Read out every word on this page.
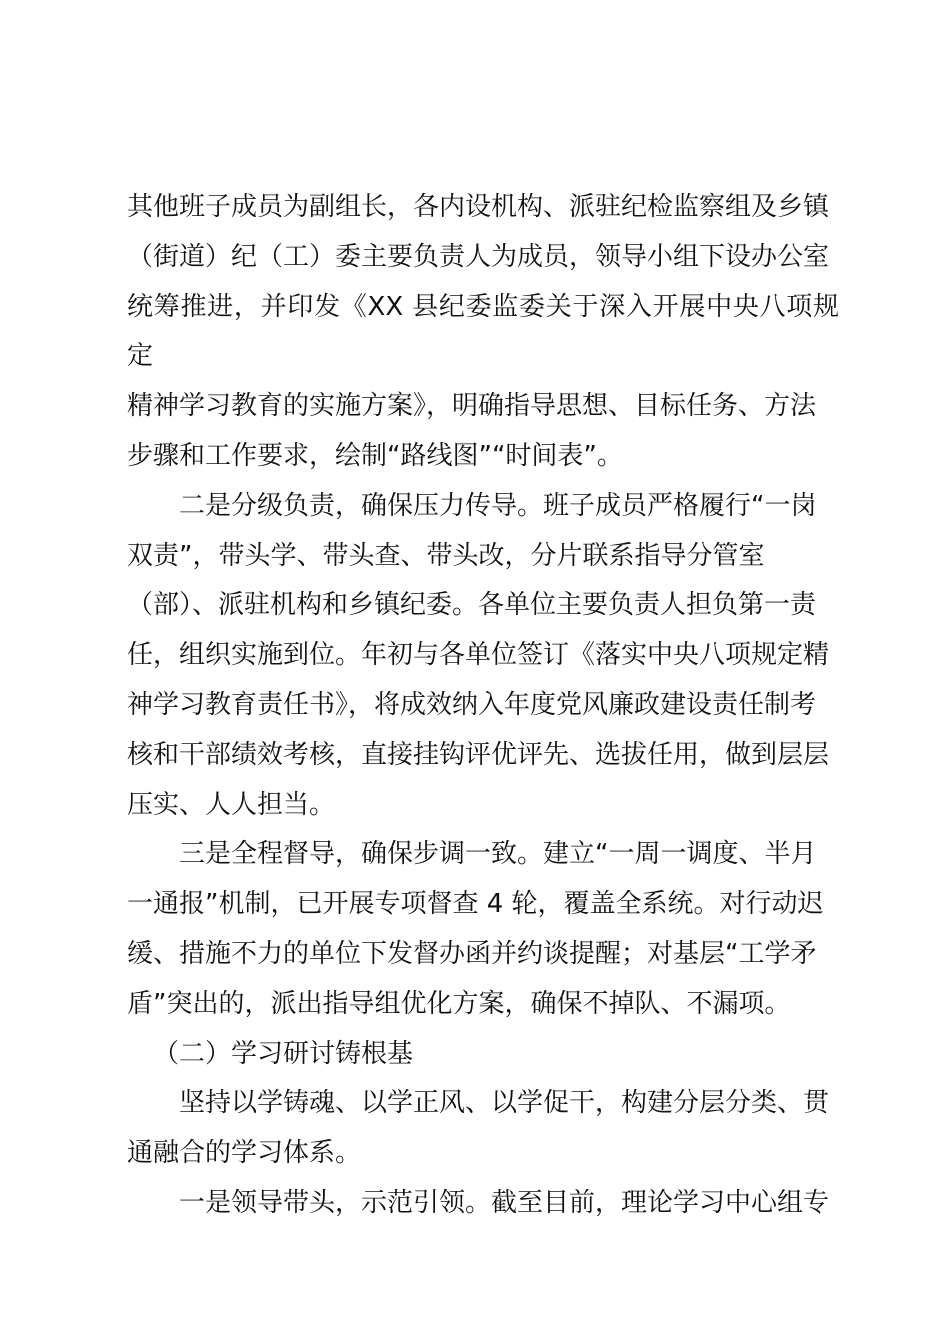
其他班子成员为副组长，各内设机构、派驻纪检监察组及乡镇
（街道）纪（工）委主要负责人为成员，领导小组下设办公室
统筹推进，并印发《XX 县纪委监委关于深入开展中央八项规定
精神学习教育的实施方案》，明确指导思想、目标任务、方法
步骤和工作要求，绘制“路线图”“时间表”。

二是分级负责，确保压力传导。班子成员严格履行“一岗
双责”，带头学、带头查、带头改，分片联系指导分管室
（部）、派驻机构和乡镇纪委。各单位主要负责人担负第一责
任，组织实施到位。年初与各单位签订《落实中央八项规定精
神学习教育责任书》，将成效纳入年度党风廉政建设责任制考
核和干部绩效考核，直接挂钩评优评先、选拔任用，做到层层
压实、人人担当。

三是全程督导，确保步调一致。建立“一周一调度、半月
一通报”机制，已开展专项督查 4 轮，覆盖全系统。对行动迟
缓、措施不力的单位下发督办函并约谈提醒；对基层“工学矛
盾”突出的，派出指导组优化方案，确保不掉队、不漏项。

（二）学习研讨铸根基

坚持以学铸魂、以学正风、以学促干，构建分层分类、贯
通融合的学习体系。

一是领导带头，示范引领。截至目前，理论学习中心组专
